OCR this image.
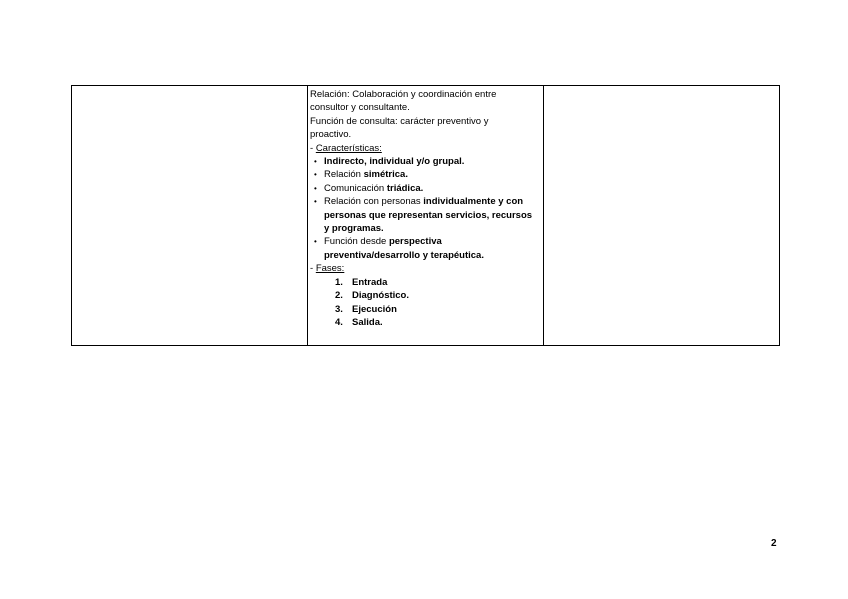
Relación: Colaboración y coordinación entre
consultor y consultante.
Función de consulta: carácter preventivo y
proactivo.
- Características:
• Indirecto, individual y/o grupal.
• Relación simétrica.
• Comunicación triádica.
• Relación con personas individualmente y con
personas que representan servicios, recursos
y programas.
• Función desde perspectiva
preventiva/desarrollo y terapéutica.
- Fases:
1. Entrada
2. Diagnóstico.
3. Ejecución
4. Salida.

2
